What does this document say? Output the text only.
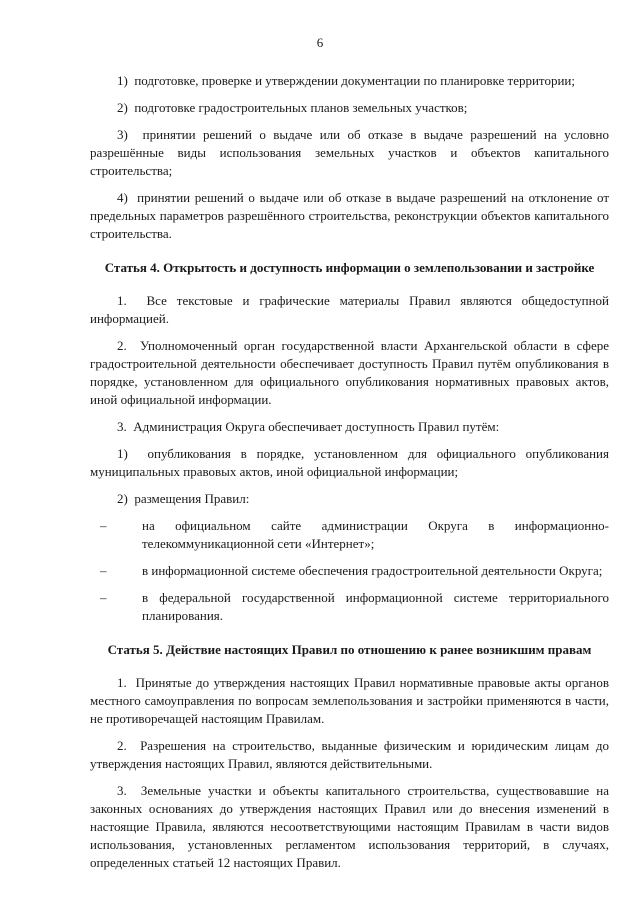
6

1)  подготовке, проверке и утверждении документации по планировке территории;

2)  подготовке градостроительных планов земельных участков;

3)  принятии решений о выдаче или об отказе в выдаче разрешений на условно разрешённые виды использования земельных участков и объектов капитального строительства;

4)  принятии решений о выдаче или об отказе в выдаче разрешений на отклонение от предельных параметров разрешённого строительства, реконструкции объектов капитального строительства.

Статья 4. Открытость и доступность информации о землепользовании и застройке

1.  Все текстовые и графические материалы Правил являются общедоступной информацией.

2.  Уполномоченный орган государственной власти Архангельской области в сфере градостроительной деятельности обеспечивает доступность Правил путём опубликования в порядке, установленном для официального опубликования нормативных правовых актов, иной официальной информации.

3.  Администрация Округа обеспечивает доступность Правил путём:

1)  опубликования в порядке, установленном для официального опубликования муниципальных правовых актов, иной официальной информации;

2)  размещения Правил:

–	на официальном сайте администрации Округа в информационно-телекоммуникационной сети «Интернет»;
–	в информационной системе обеспечения градостроительной деятельности Округа;
–	в федеральной государственной информационной системе территориального планирования.
Статья 5. Действие настоящих Правил по отношению к ранее возникшим правам

1.  Принятые до утверждения настоящих Правил нормативные правовые акты органов местного самоуправления по вопросам землепользования и застройки применяются в части, не противоречащей настоящим Правилам.

2.  Разрешения на строительство, выданные физическим и юридическим лицам до утверждения настоящих Правил, являются действительными.

3.  Земельные участки и объекты капитального строительства, существовавшие на законных основаниях до утверждения настоящих Правил или до внесения изменений в настоящие Правила, являются несоответствующими настоящим Правилам в части видов использования, установленных регламентом использования территорий, в случаях, определенных статьей 12 настоящих Правил.
